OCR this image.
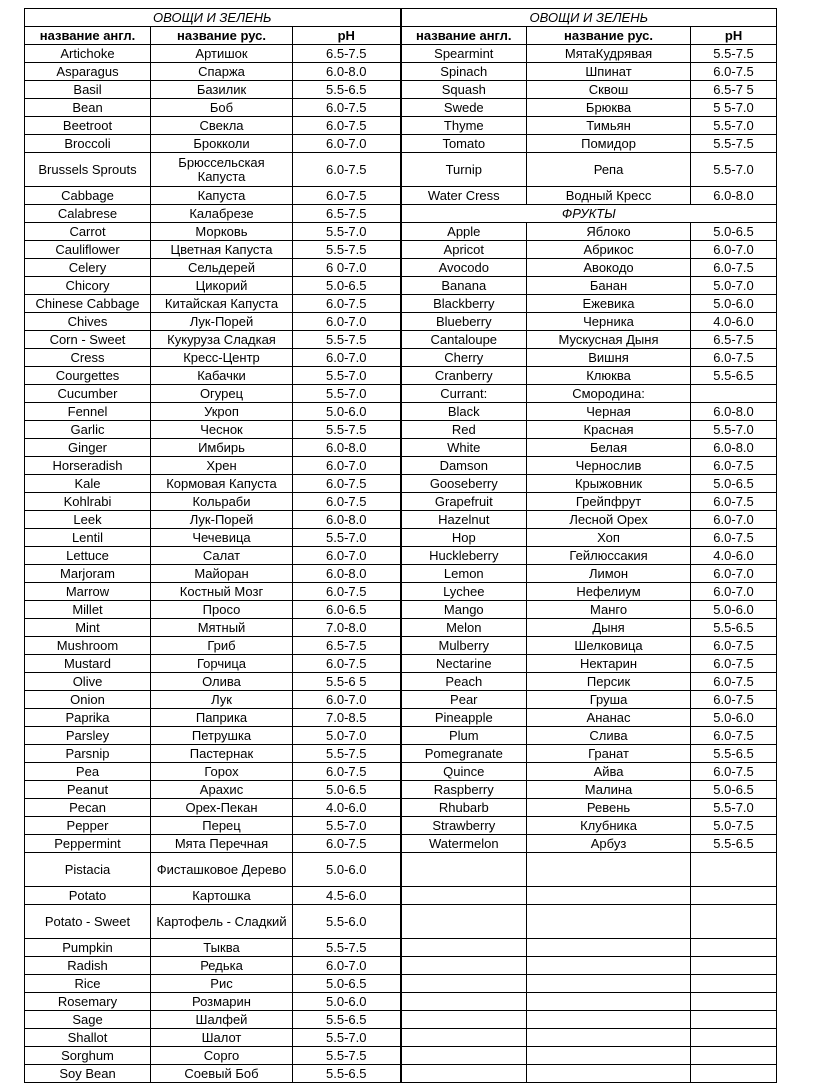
ОВОЩИ И ЗЕЛЕНЬ			ОВОЩИ И ЗЕЛЕНЬ		
название англ.	название рус.	pH	название англ.	название рус.	pH
Artichoke	Артишок	6.5-7.5	Spearmint	МятаКудрявая	5.5-7.5
Asparagus	Спаржа	6.0-8.0	Spinach	Шпинат	6.0-7.5
Basil	Базилик	5.5-6.5	Squash	Сквош	6.5-7 5
Bean	Боб	6.0-7.5	Swede	Брюква	5 5-7.0
Beetroot	Свекла	6.0-7.5	Thyme	Тимьян	5.5-7.0
Broccoli	Брокколи	6.0-7.0	Tomato	Помидор	5.5-7.5
Brussels Sprouts	Брюссельская Капуста	6.0-7.5	Turnip	Репа	5.5-7.0
Cabbage	Капуста	6.0-7.5	Water Cress	Водный Кресс	6.0-8.0
Calabrese	Калабрезе	6.5-7.5	ФРУКТЫ		
Carrot	Морковь	5.5-7.0	Apple	Яблоко	5.0-6.5
Cauliflower	Цветная Капуста	5.5-7.5	Apricot	Абрикос	6.0-7.0
Celery	Сельдерей	6 0-7.0	Avocodo	Авокодо	6.0-7.5
Chicory	Цикорий	5.0-6.5	Banana	Банан	5.0-7.0
Chinese Cabbage	Китайская Капуста	6.0-7.5	Blackberry	Ежевика	5.0-6.0
Chives	Лук-Порей	6.0-7.0	Blueberry	Черника	4.0-6.0
Corn - Sweet	Кукуруза Сладкая	5.5-7.5	Cantaloupe	Мускусная Дыня	6.5-7.5
Cress	Кресс-Центр	6.0-7.0	Cherry	Вишня	6.0-7.5
Courgettes	Кабачки	5.5-7.0	Cranberry	Клюква	5.5-6.5
Cucumber	Огурец	5.5-7.0	Currant:	Смородина:	
Fennel	Укроп	5.0-6.0	Black	Черная	6.0-8.0
Garlic	Чеснок	5.5-7.5	Red	Красная	5.5-7.0
Ginger	Имбирь	6.0-8.0	White	Белая	6.0-8.0
Horseradish	Хрен	6.0-7.0	Damson	Чернослив	6.0-7.5
Kale	Кормовая Капуста	6.0-7.5	Gooseberry	Крыжовник	5.0-6.5
Kohlrabi	Кольраби	6.0-7.5	Grapefruit	Грейпфрут	6.0-7.5
Leek	Лук-Порей	6.0-8.0	Hazelnut	Лесной Орех	6.0-7.0
Lentil	Чечевица	5.5-7.0	Hop	Хоп	6.0-7.5
Lettuce	Салат	6.0-7.0	Huckleberry	Гейлюссакия	4.0-6.0
Marjoram	Майоран	6.0-8.0	Lemon	Лимон	6.0-7.0
Marrow	Костный Мозг	6.0-7.5	Lychee	Нефелиум	6.0-7.0
Millet	Просо	6.0-6.5	Mango	Манго	5.0-6.0
Mint	Мятный	7.0-8.0	Melon	Дыня	5.5-6.5
Mushroom	Гриб	6.5-7.5	Mulberry	Шелковица	6.0-7.5
Mustard	Горчица	6.0-7.5	Nectarine	Нектарин	6.0-7.5
Olive	Олива	5.5-6 5	Peach	Персик	6.0-7.5
Onion	Лук	6.0-7.0	Pear	Груша	6.0-7.5
Paprika	Паприка	7.0-8.5	Pineapple	Ананас	5.0-6.0
Parsley	Петрушка	5.0-7.0	Plum	Слива	6.0-7.5
Parsnip	Пастернак	5.5-7.5	Pomegranate	Гранат	5.5-6.5
Pea	Горох	6.0-7.5	Quince	Айва	6.0-7.5
Peanut	Арахис	5.0-6.5	Raspberry	Малина	5.0-6.5
Pecan	Орех-Пекан	4.0-6.0	Rhubarb	Ревень	5.5-7.0
Pepper	Перец	5.5-7.0	Strawberry	Клубника	5.0-7.5
Peppermint	Мята Перечная	6.0-7.5	Watermelon	Арбуз	5.5-6.5
Pistacia	Фисташковое Дерево	5.0-6.0			
Potato	Картошка	4.5-6.0			
Potato - Sweet	Картофель - Сладкий	5.5-6.0			
Pumpkin	Тыква	5.5-7.5			
Radish	Редька	6.0-7.0			
Rice	Рис	5.0-6.5			
Rosemary	Розмарин	5.0-6.0			
Sage	Шалфей	5.5-6.5			
Shallot	Шалот	5.5-7.0			
Sorghum	Сорго	5.5-7.5			
Soy Bean	Соевый Боб	5.5-6.5			
